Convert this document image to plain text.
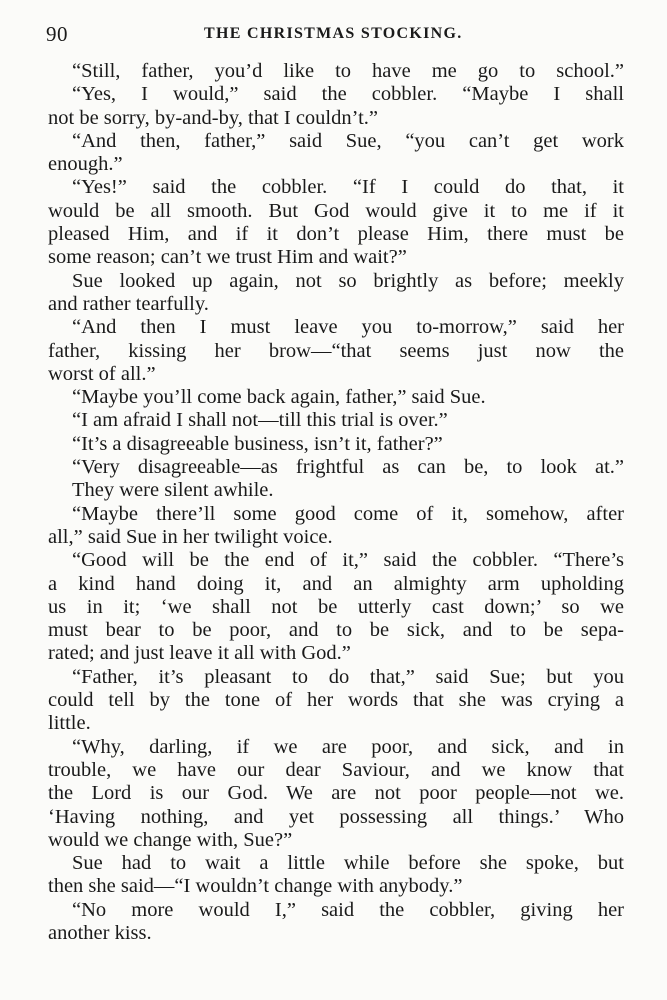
90	THE CHRISTMAS STOCKING.
“Still, father, you’d like to have me go to school.”
“Yes, I would,” said the cobbler. “Maybe I shall
not be sorry, by-and-by, that I couldn’t.”
“And then, father,” said Sue, “you can’t get work
enough.”
“Yes!” said the cobbler. “If I could do that, it
would be all smooth. But God would give it to me if it
pleased Him, and if it don’t please Him, there must be
some reason; can’t we trust Him and wait?”
Sue looked up again, not so brightly as before; meekly
and rather tearfully.
“And then I must leave you to-morrow,” said her
father, kissing her brow—“that seems just now the
worst of all.”
“Maybe you’ll come back again, father,” said Sue.
“I am afraid I shall not—till this trial is over.”
“It’s a disagreeable business, isn’t it, father?”
“Very disagreeable—as frightful as can be, to look at.”
They were silent awhile.
“Maybe there’ll some good come of it, somehow, after
all,” said Sue in her twilight voice.
“Good will be the end of it,” said the cobbler. “There’s
a kind hand doing it, and an almighty arm upholding
us in it; ‘we shall not be utterly cast down;’ so we
must bear to be poor, and to be sick, and to be sepa-
rated; and just leave it all with God.”
“Father, it’s pleasant to do that,” said Sue; but you
could tell by the tone of her words that she was crying a
little.
“Why, darling, if we are poor, and sick, and in
trouble, we have our dear Saviour, and we know that
the Lord is our God. We are not poor people—not we.
‘Having nothing, and yet possessing all things.’ Who
would we change with, Sue?”
Sue had to wait a little while before she spoke, but
then she said—“I wouldn’t change with anybody.”
“No more would I,” said the cobbler, giving her
another kiss.
